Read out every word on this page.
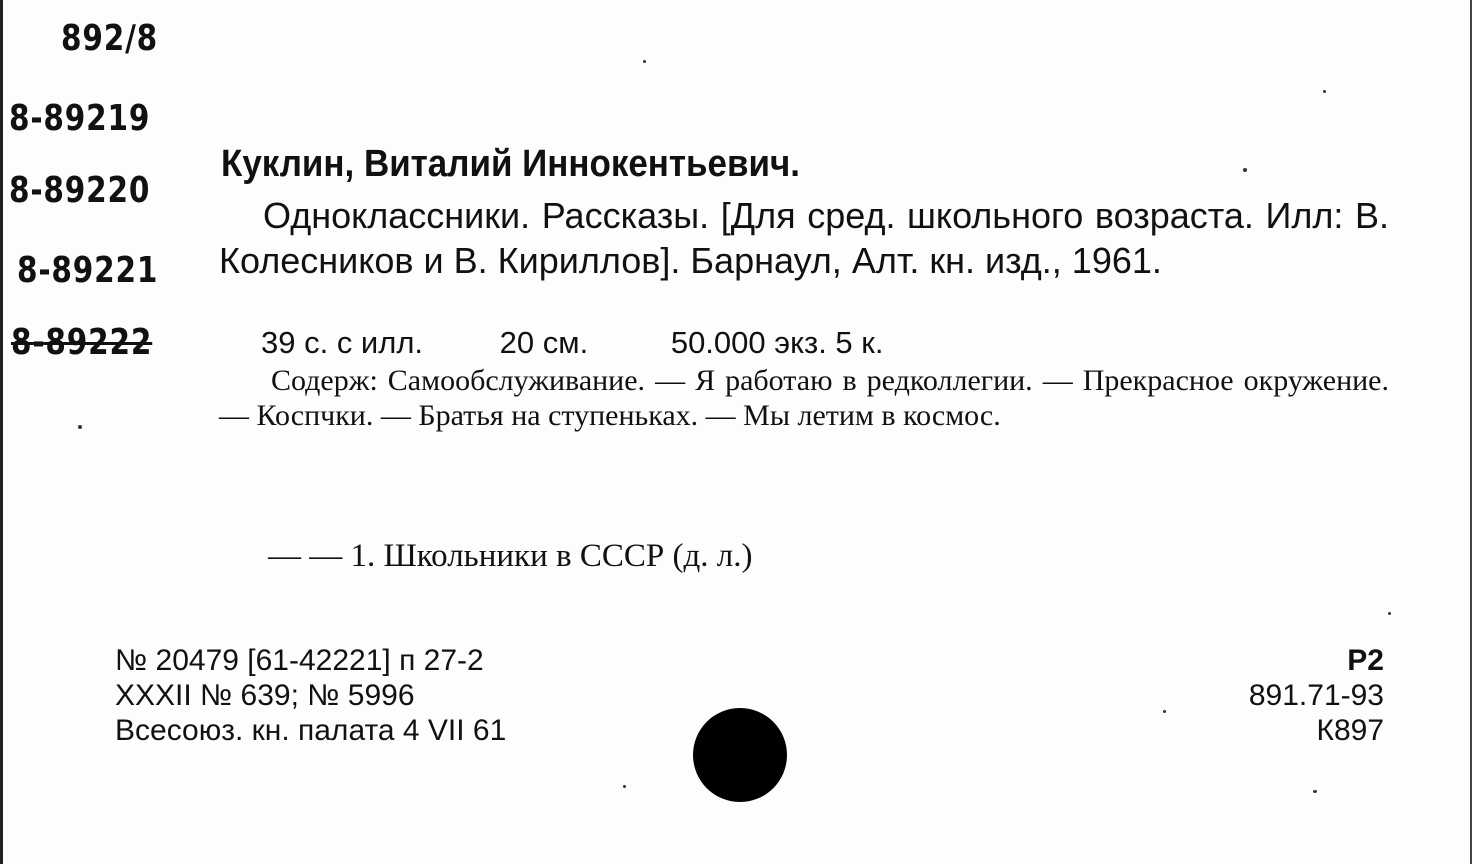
892/8
8-89219
8-89220
8-89221
8-89222
Куклин, Виталий Иннокентьевич.
Одноклассники. Рассказы. [Для сред. школьного возраста. Илл: В. Колесников и В. Кириллов]. Барнаул, Алт. кн. изд., 1961.
39 с. с илл. 20 см.	50.000 экз. 5 к.
Содерж: Самообслуживание. — Я работаю в редколлегии. — Прекрасное окружение. — Коспчки. — Братья на ступеньках. — Мы летим в космос.
— — 1. Школьники в СССР (д. л.)
№ 20479 [61-42221] п 27-2
XXXII № 639; № 5996
Всесоюз. кн. палата 4 VII 61
Р2
891.71-93
К897
